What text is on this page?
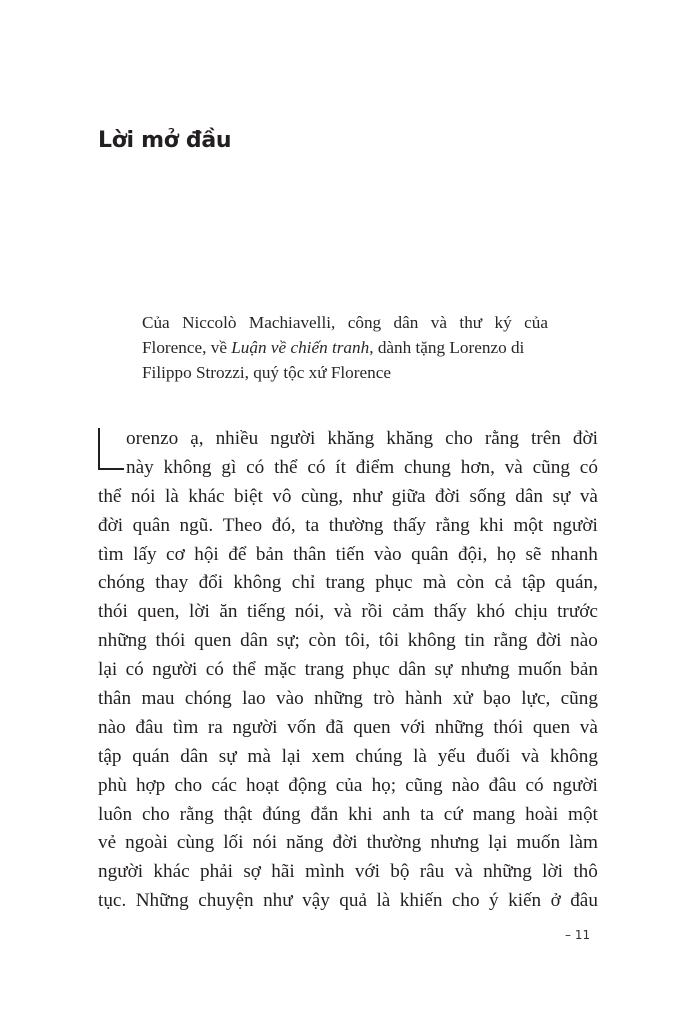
Lời mở đầu

Của Niccolò Machiavelli, công dân và thư ký của

Florence, về Luận về chiến tranh, dành tặng Lorenzo di

Filippo Strozzi, quý tộc xứ Florence

orenzo ạ, nhiều người khăng khăng cho rằng trên đời
này không gì có thể có ít điểm chung hơn, và cũng có
thể nói là khác biệt vô cùng, như giữa đời sống dân sự và
đời quân ngũ. Theo đó, ta thường thấy rằng khi một người
tìm lấy cơ hội để bản thân tiến vào quân đội, họ sẽ nhanh
chóng thay đổi không chỉ trang phục mà còn cả tập quán,
thói quen, lời ăn tiếng nói, và rồi cảm thấy khó chịu trước
những thói quen dân sự; còn tôi, tôi không tin rằng đời nào
lại có người có thể mặc trang phục dân sự nhưng muốn bản
thân mau chóng lao vào những trò hành xử bạo lực, cũng
nào đâu tìm ra người vốn đã quen với những thói quen và
tập quán dân sự mà lại xem chúng là yếu đuối và không
phù hợp cho các hoạt động của họ; cũng nào đâu có người
luôn cho rằng thật đúng đắn khi anh ta cứ mang hoài một
vẻ ngoài cùng lối nói năng đời thường nhưng lại muốn làm
người khác phải sợ hãi mình với bộ râu và những lời thô
tục. Những chuyện như vậy quả là khiến cho ý kiến ở đâu
– 11
